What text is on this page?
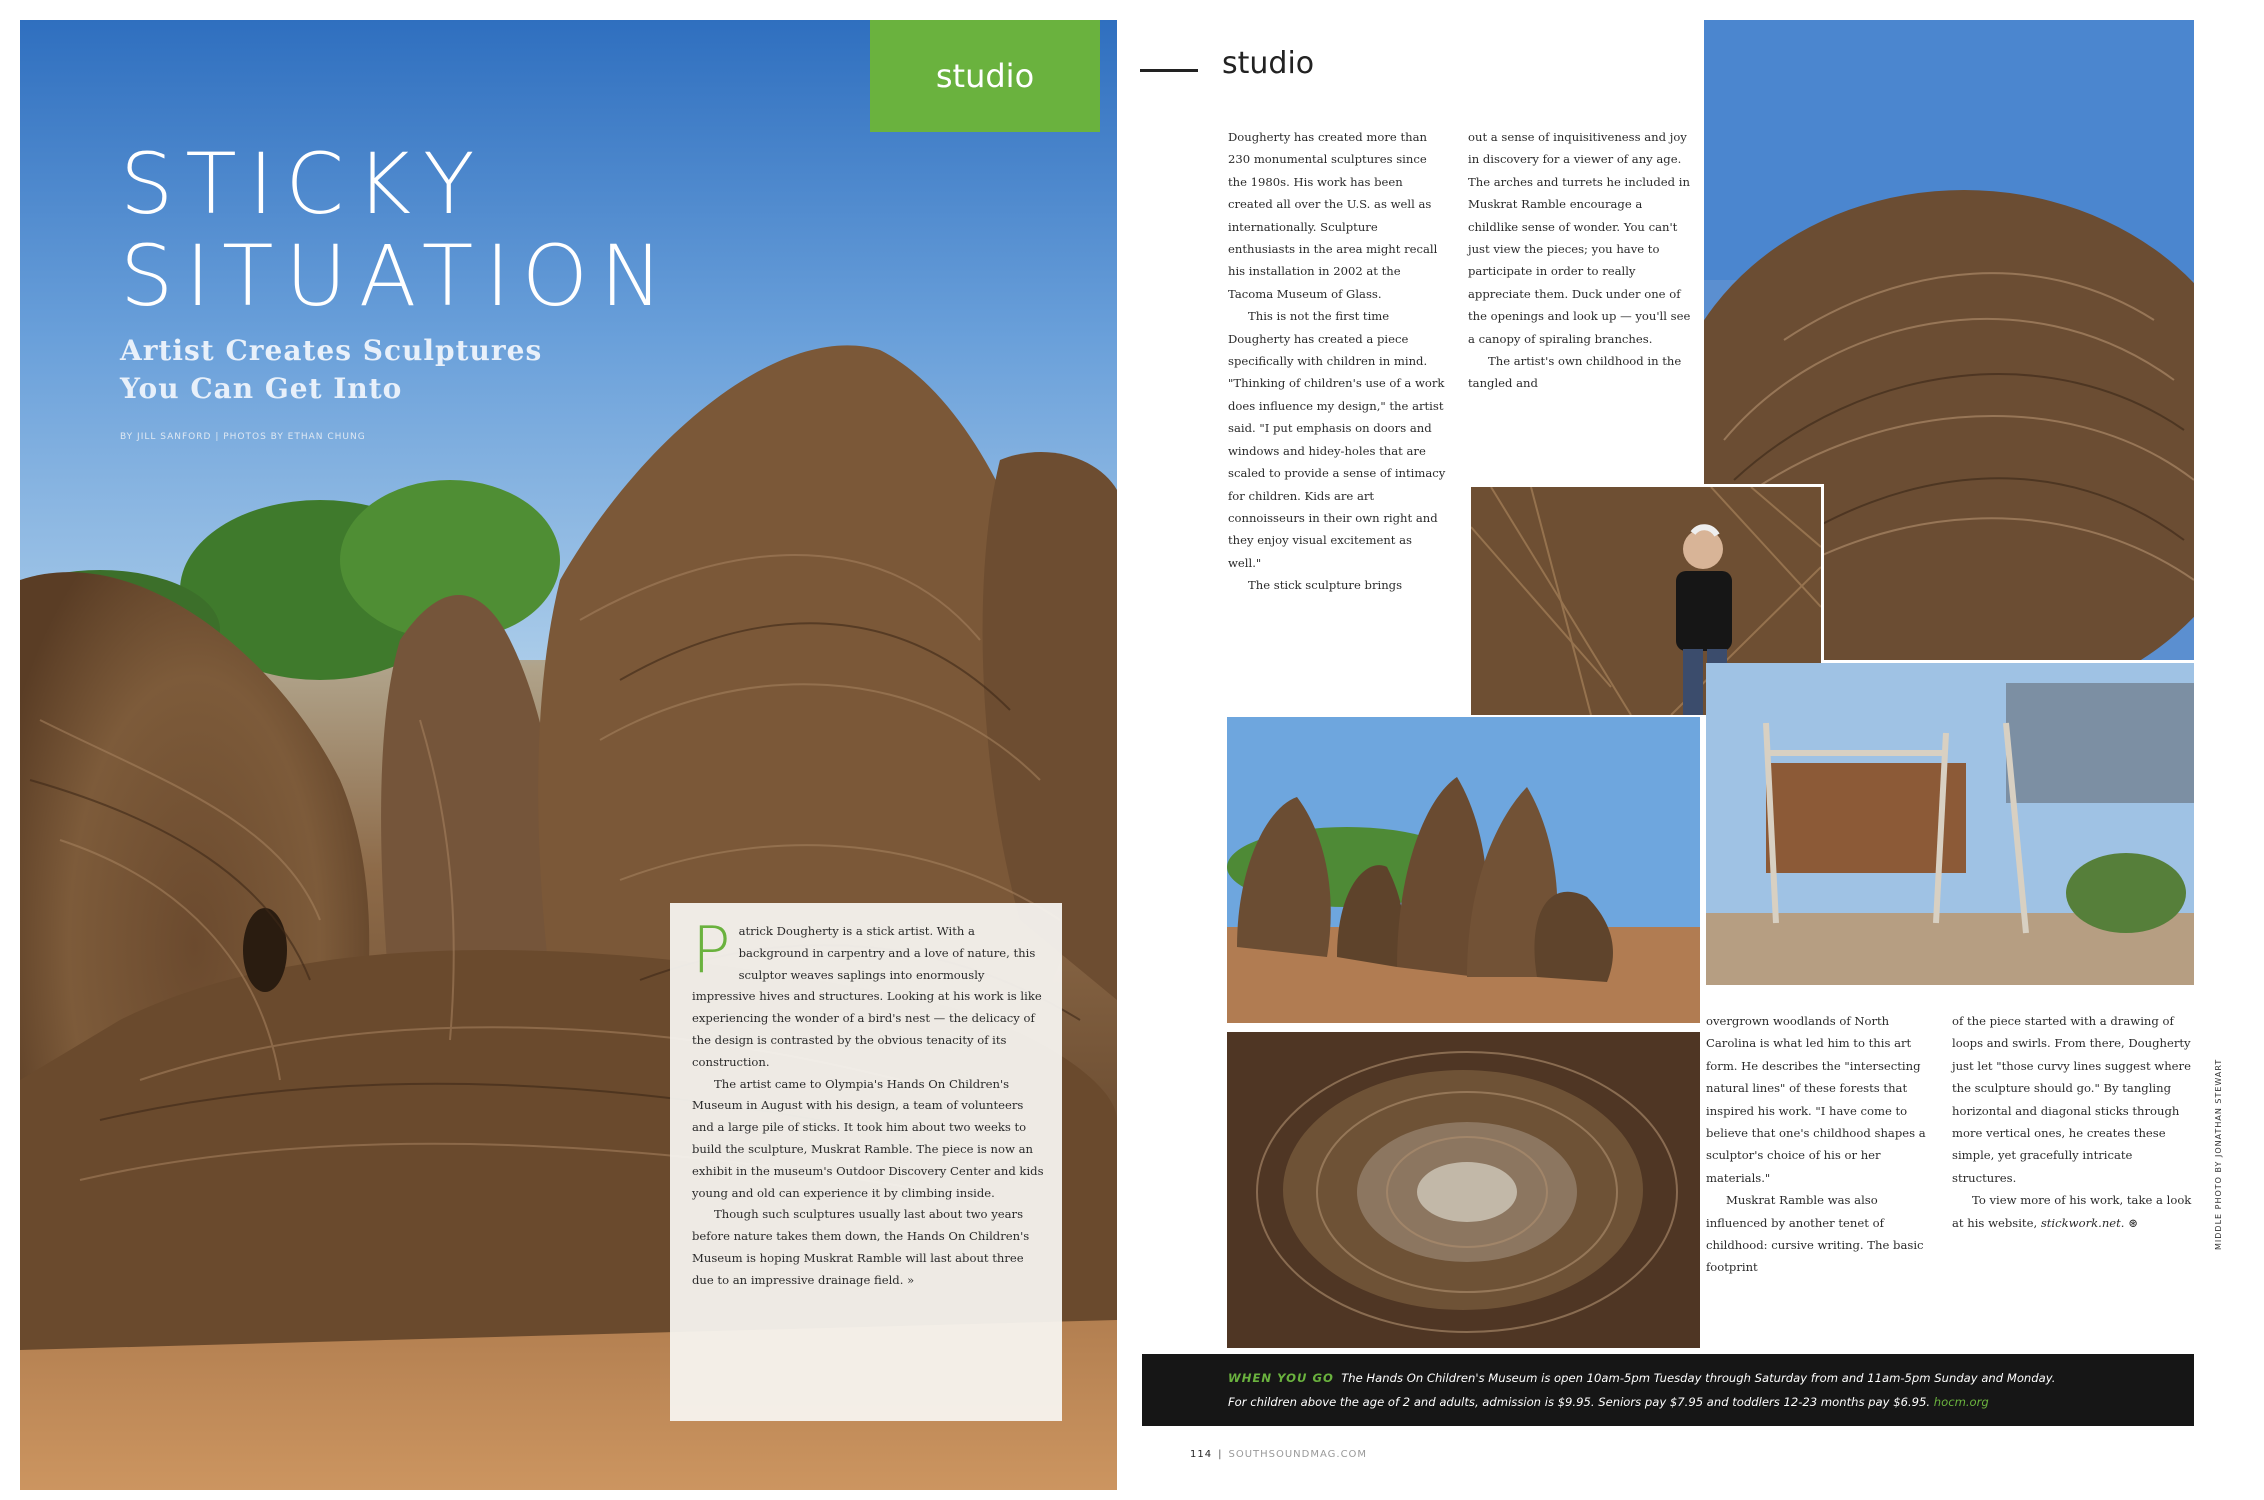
studio
STICKY
SITUATION
Artist Creates Sculptures
You Can Get Into
BY JILL SANFORD | PHOTOS BY ETHAN CHUNG

Patrick Dougherty is a stick artist. With a background in carpentry and a love of nature, this sculptor weaves saplings into enormously impressive hives and structures. Looking at his work is like experiencing the wonder of a bird's nest — the delicacy of the design is contrasted by the obvious tenacity of its construction.

The artist came to Olympia's Hands On Children's Museum in August with his design, a team of volunteers and a large pile of sticks. It took him about two weeks to build the sculpture, Muskrat Ramble. The piece is now an exhibit in the museum's Outdoor Discovery Center and kids young and old can experience it by climbing inside.

Though such sculptures usually last about two years before nature takes them down, the Hands On Children's Museum is hoping Muskrat Ramble will last about three due to an impressive drainage field. »

studio

Dougherty has created more than 230 monumental sculptures since the 1980s. His work has been created all over the U.S. as well as internationally. Sculpture enthusiasts in the area might recall his installation in 2002 at the Tacoma Museum of Glass.

This is not the first time Dougherty has created a piece specifically with children in mind. "Thinking of children's use of a work does influence my design," the artist said. "I put emphasis on doors and windows and hidey-holes that are scaled to provide a sense of intimacy for children. Kids are art connoisseurs in their own right and they enjoy visual excitement as well."

The stick sculpture brings

out a sense of inquisitiveness and joy in discovery for a viewer of any age. The arches and turrets he included in Muskrat Ramble encourage a childlike sense of wonder. You can't just view the pieces; you have to participate in order to really appreciate them. Duck under one of the openings and look up — you'll see a canopy of spiraling branches.

The artist's own childhood in the tangled and

overgrown woodlands of North Carolina is what led him to this art form. He describes the "intersecting natural lines" of these forests that inspired his work. "I have come to believe that one's childhood shapes a sculptor's choice of his or her materials."

Muskrat Ramble was also influenced by another tenet of childhood: cursive writing. The basic footprint

of the piece started with a drawing of loops and swirls. From there, Dougherty just let "those curvy lines suggest where the sculpture should go." By tangling horizontal and diagonal sticks through more vertical ones, he creates these simple, yet gracefully intricate structures.

To view more of his work, take a look at his website, stickwork.net. ⊛

WHEN YOU GO The Hands On Children's Museum is open 10am-5pm Tuesday through Saturday from and 11am-5pm Sunday and Monday.
For children above the age of 2 and adults, admission is $9.95. Seniors pay $7.95 and toddlers 12-23 months pay $6.95. hocm.org
114 | SOUTHSOUNDMAG.COM
MIDDLE PHOTO BY JONATHAN STEWART
